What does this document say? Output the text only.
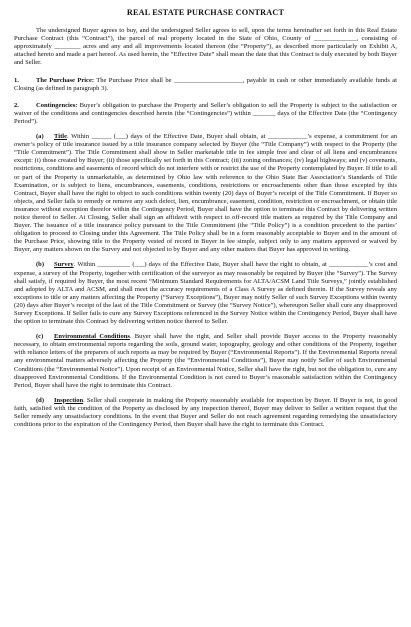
REAL ESTATE PURCHASE CONTRACT

The undersigned Buyer agrees to buy, and the undersigned Seller agrees to sell, upon the terms hereinafter set forth in this Real Estate Purchase Contract (this “Contract”), the parcel of real property located in the State of Ohio, County of _____________, consisting of approximately ________ acres and any and all improvements located thereon (the “Property”), as described more particularly on Exhibit A, attached hereto and made a part hereof. As used herein, the “Effective Date” shall mean the date that this Contract is duly executed by both Buyer and Seller.

1.	The Purchase Price: The Purchase Price shall be _____________________, payable in cash or other immediately available funds at Closing (as defined in paragraph 3).

2.	Contingencies: Buyer’s obligation to purchase the Property and Seller’s obligation to sell the Property is subject to the satisfaction or waiver of the conditions and contingencies described herein (the “Contingencies”) within _______ days of the Effective Date (the “Contingency Period”).

(a) Title. Within ______ (___) days of the Effective Date, Buyer shall obtain, at ____________’s expense, a commitment for an owner’s policy of title insurance issued by a title insurance company selected by Buyer (the “Title Company”) with respect to the Property (the “Title Commitment”). The Title Commitment shall show in Seller marketable title in fee simple free and clear of all liens and encumbrances except: (i) those created by Buyer; (ii) those specifically set forth in this Contract; (iii) zoning ordinances; (iv) legal highways; and (v) covenants, restrictions, conditions and easements of record which do not interfere with or restrict the use of the Property contemplated by Buyer. If title to all or part of the Property is unmarketable, as determined by Ohio law with reference to the Ohio State Bar Association’s Standards of Title Examination, or is subject to liens, encumbrances, easements, conditions, restrictions or encroachments other than those excepted by this Contract, Buyer shall have the right to object to such conditions within twenty (20) days of Buyer’s receipt of the Title Commitment. If Buyer so objects, and Seller fails to remedy or remove any such defect, lien, encumbrance, easement, condition, restriction or encroachment, or obtain title insurance without exception therefor within the Contingency Period, Buyer shall have the option to terminate this Contract by delivering written notice thereof to Seller. At Closing, Seller shall sign an affidavit with respect to off-record title matters as required by the Title Company and Buyer. The issuance of a title insurance policy pursuant to the Title Commitment (the “Title Policy”) is a condition precedent to the parties’ obligation to proceed to Closing under this Agreement. The Title Policy shall be in a form reasonably acceptable to Buyer and in the amount of the Purchase Price, showing title to the Property vested of record in Buyer in fee simple, subject only to any matters approved or waived by Buyer, any matters shown on the Survey and not objected to by Buyer and any other matters that Buyer has approved in writing.

(b) Survey. Within __________ (___) days of the Effective Date, Buyer shall have the right to obtain, at ____________’s cost and expense, a survey of the Property, together with certification of the surveyor as may reasonably be required by Buyer (the “Survey”). The Survey shall satisfy, if required by Buyer, the most recent “Minimum Standard Requirements for ALTA/ACSM Land Title Surveys,” jointly established and adopted by ALTA and ACSM, and shall meet the accuracy requirements of a Class A Survey as defined therein. If the Survey reveals any exceptions to title or any matters affecting the Property (“Survey Exceptions”), Buyer may notify Seller of such Survey Exceptions within twenty (20) days after Buyer’s receipt of the last of the Title Commitment or Survey (the “Survey Notice”), whereupon Seller shall cure any disapproved Survey Exceptions. If Seller fails to cure any Survey Exceptions referenced in the Survey Notice within the Contingency Period, Buyer shall have the option to terminate this Contract by delivering written notice thereof to Seller.

(c) Environmental Conditions. Buyer shall have the right, and Seller shall provide Buyer access to the Property reasonably necessary, to obtain environmental reports regarding the soils, ground water, topography, geology and other conditions of the Property, together with reliance letters of the preparers of such reports as may be required by Buyer (“Environmental Reports”). If the Environmental Reports reveal any environmental matters adversely affecting the Property (the “Environmental Conditions”), Buyer may notify Seller of such Environmental Conditions (the “Environmental Notice”). Upon receipt of an Environmental Notice, Seller shall have the right, but not the obligation to, cure any disapproved Environmental Conditions. If the Environmental Condition is not cured to Buyer’s reasonable satisfaction within the Contingency Period, Buyer shall have the right to terminate this Contract.

(d) Inspection. Seller shall cooperate in making the Property reasonably available for inspection by Buyer. If Buyer is not, in good faith, satisfied with the condition of the Property as disclosed by any inspection thereof, Buyer may deliver to Seller a written request that the Seller remedy any unsatisfactory conditions. In the event that Buyer and Seller do not reach agreement regarding remedying the unsatisfactory conditions prior to the expiration of the Contingency Period, then Buyer shall have the right to terminate this Contract.
